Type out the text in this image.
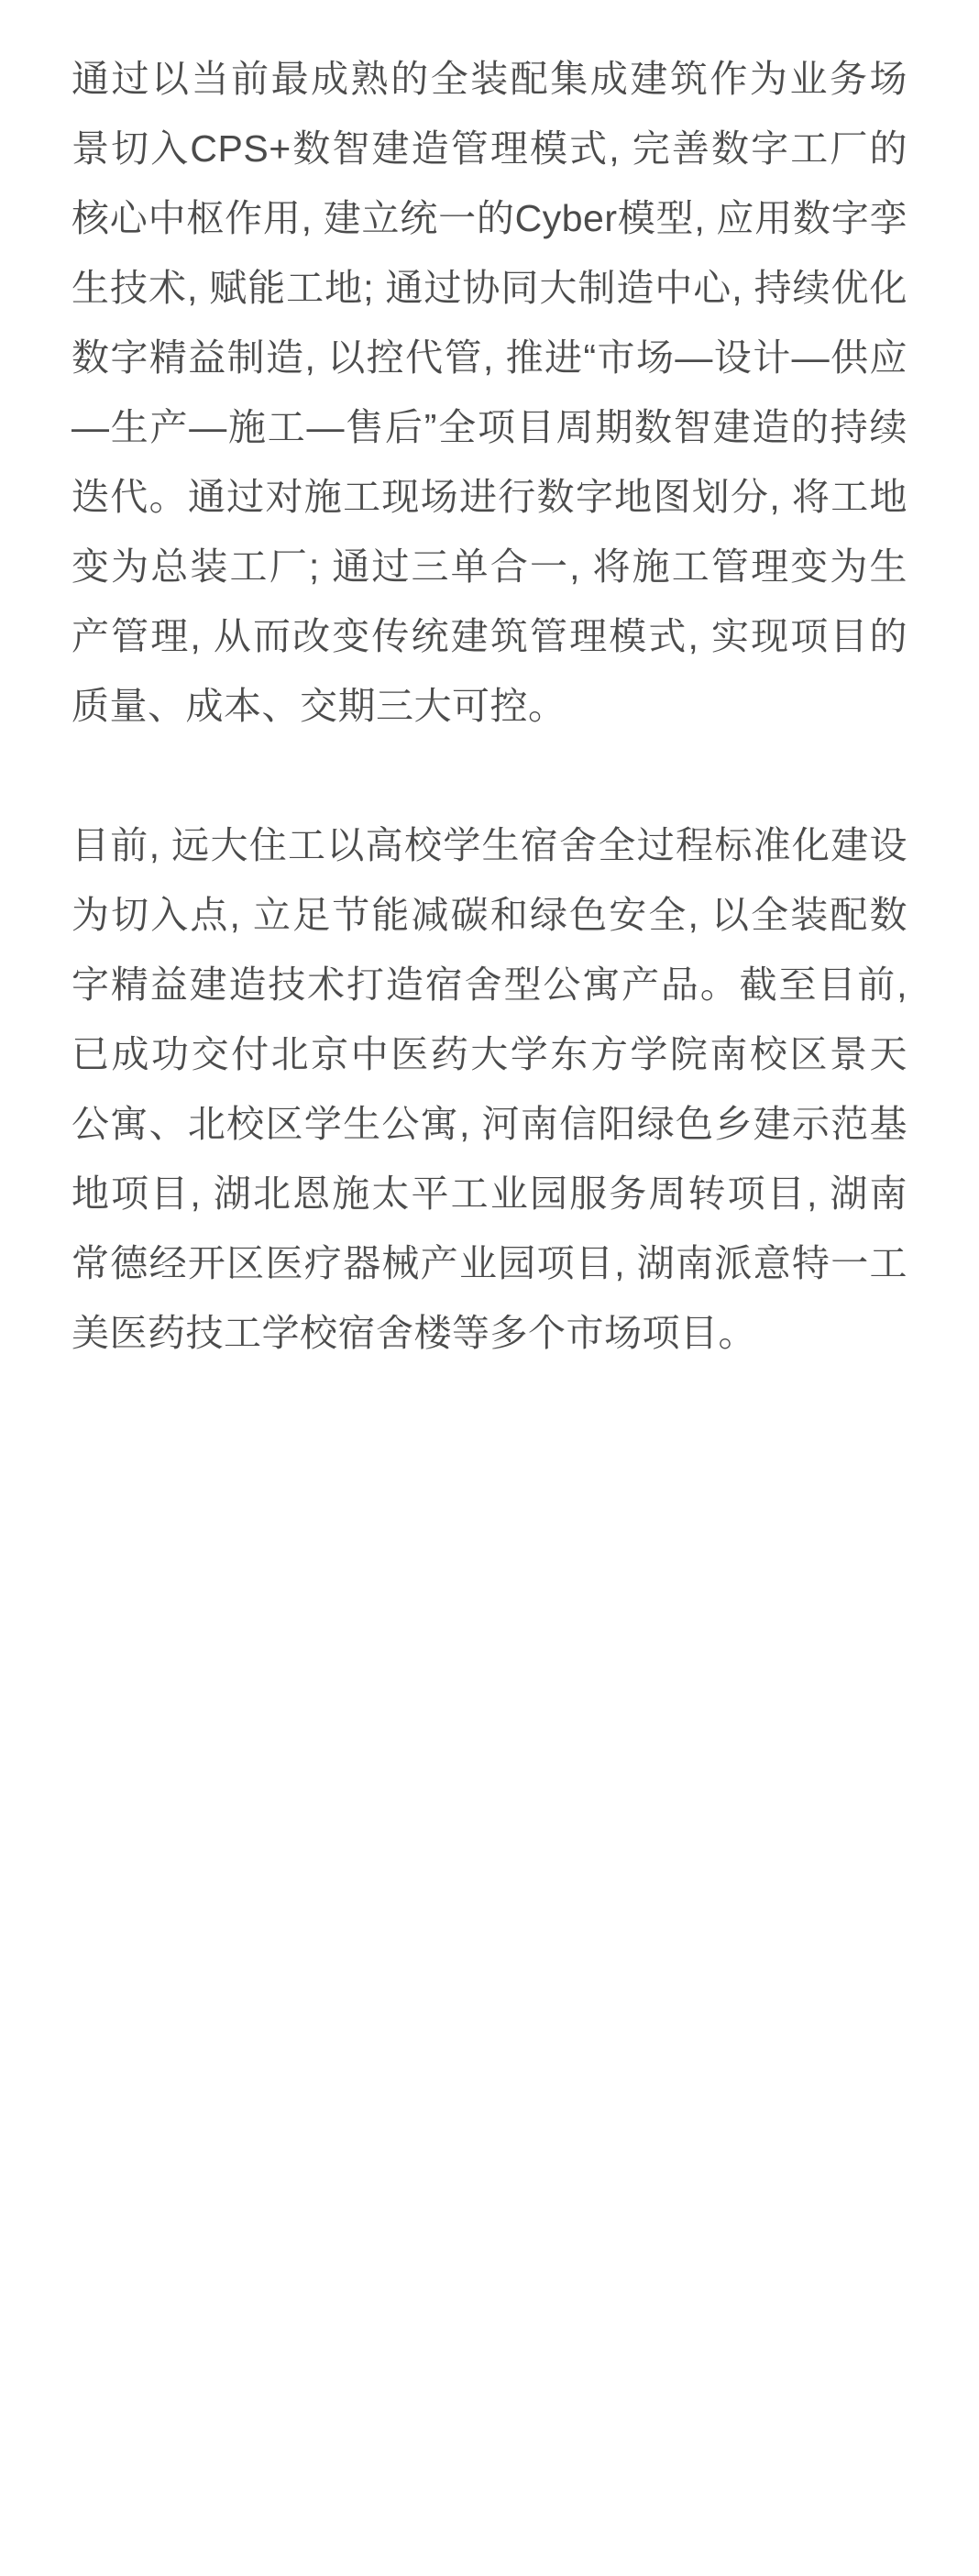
通过以当前最成熟的全装配集成建筑作为业务场景切入CPS+数智建造管理模式, 完善数字工厂的核心中枢作用, 建立统一的Cyber模型, 应用数字孪生技术, 赋能工地; 通过协同大制造中心, 持续优化数字精益制造, 以控代管, 推进“市场—设计—供应—生产—施工—售后”全项目周期数智建造的持续迭代。通过对施工现场进行数字地图划分, 将工地变为总装工厂; 通过三单合一, 将施工管理变为生产管理, 从而改变传统建筑管理模式, 实现项目的质量、成本、交期三大可控。

目前, 远大住工以高校学生宿舍全过程标准化建设为切入点, 立足节能减碳和绿色安全, 以全装配数字精益建造技术打造宿舍型公寓产品。截至目前, 已成功交付北京中医药大学东方学院南校区景天公寓、北校区学生公寓, 河南信阳绿色乡建示范基地项目, 湖北恩施太平工业园服务周转项目, 湖南常德经开区医疗器械产业园项目, 湖南派意特一工美医药技工学校宿舍楼等多个市场项目。
